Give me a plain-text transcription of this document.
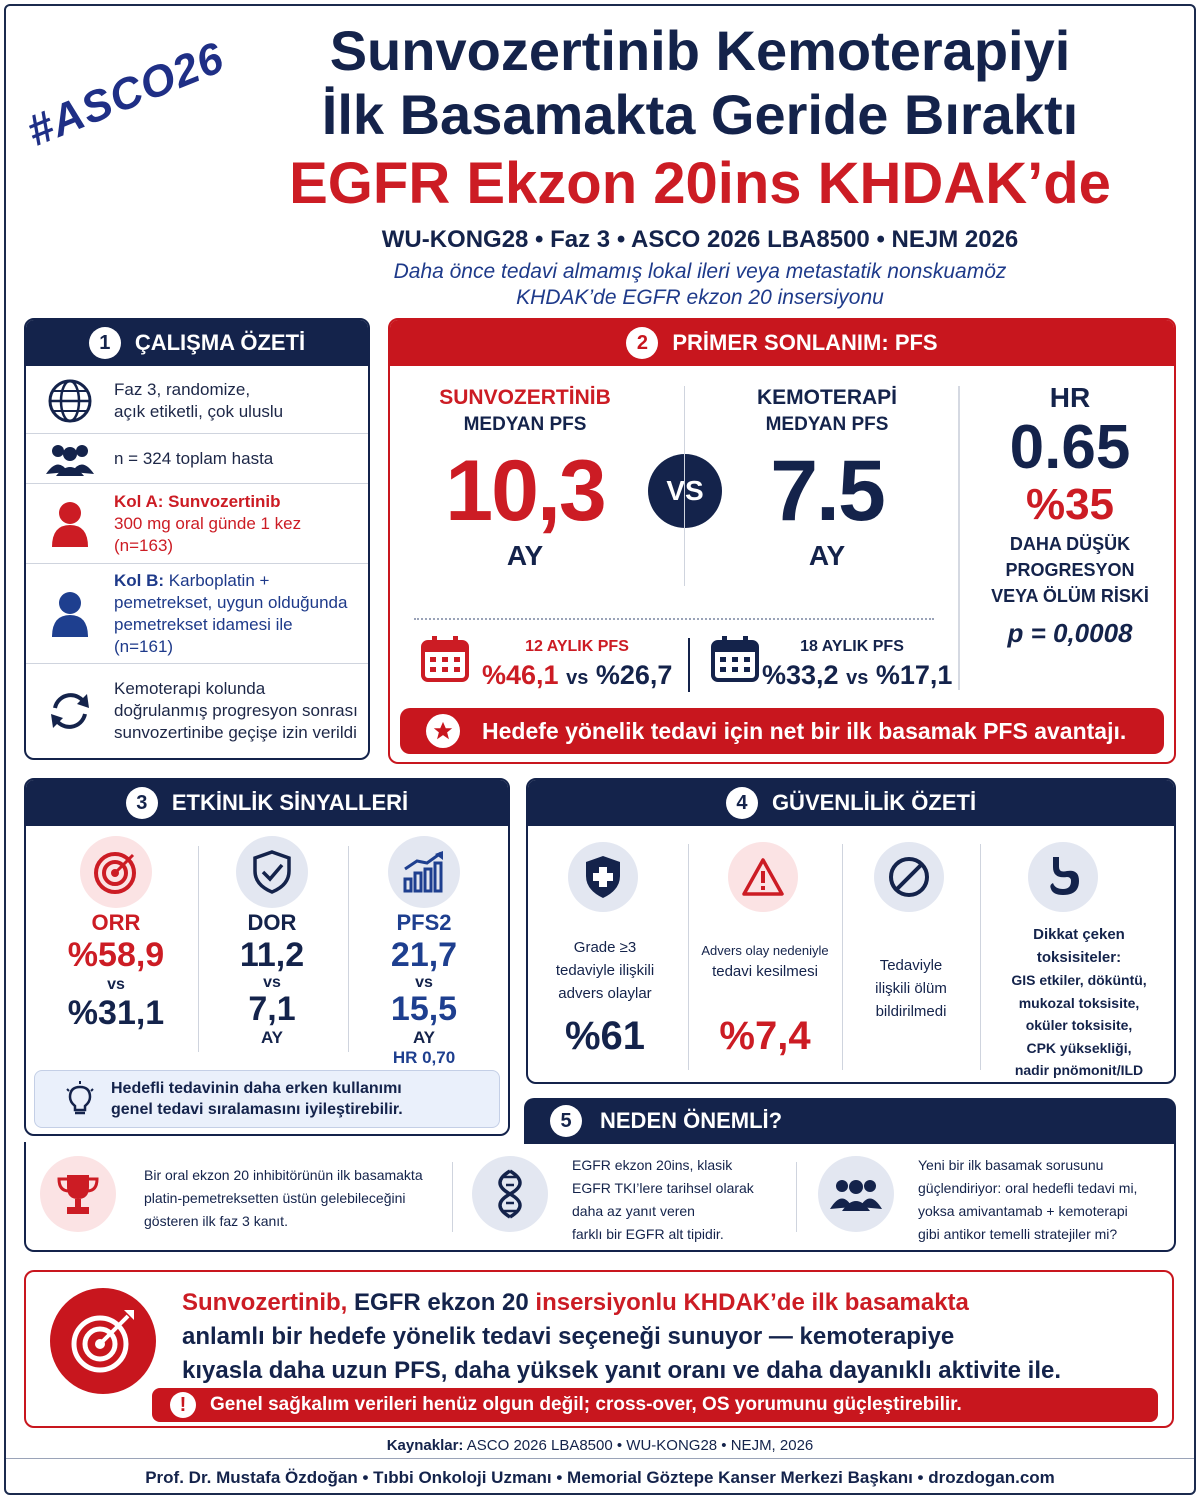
#ASCO26	Sunvozertinib Kemoterapiyi
İlk Basamakta Geride Bıraktı
EGFR Ekzon 20ins KHDAK’de
WU-KONG28 • Faz 3 • ASCO 2026 LBA8500 • NEJM 2026
Daha önce tedavi almamış lokal ileri veya metastatik nonskuamöz
KHDAK’de EGFR ekzon 20 insersiyonu
1	ÇALIŞMA ÖZETİ
Faz 3, randomize,
açık etiketli, çok uluslu
n = 324 toplam hasta
Kol A: Sunvozertinib
300 mg oral günde 1 kez
(n=163)
Kol B: Karboplatin +
pemetrekset, uygun olduğunda
pemetrekset idamesi ile
(n=161)
Kemoterapi kolunda
doğrulanmış progresyon sonrası
sunvozertinibe geçişe izin verildi
2	PRİMER SONLANIM: PFS
SUNVOZERTİNİB
MEDYAN PFS
10,3
AY
VS
KEMOTERAPİ
MEDYAN PFS
7.5
AY
HR
0.65
%35
DAHA DÜŞÜK
PROGRESYON
VEYA ÖLÜM RİSKİ
p = 0,0008
12 AYLIK PFS
%46,1 vs %26,7
18 AYLIK PFS
%33,2 vs %17,1
Hedefe yönelik tedavi için net bir ilk basamak PFS avantajı.
3	ETKİNLİK SİNYALLERİ
ORR
%58,9
vs
%31,1
DOR
11,2
vs
7,1
AY
PFS2
21,7
vs
15,5
AY
HR 0,70
Hedefli tedavinin daha erken kullanımı
genel tedavi sıralamasını iyileştirebilir.
4	GÜVENLİLİK ÖZETİ
Grade ≥3
tedaviyle ilişkili
advers olaylar
%61
Advers olay nedeniyle
tedavi kesilmesi
%7,4
Tedaviyle
ilişkili ölüm
bildirilmedi
Dikkat çeken
toksisiteler:
GIS etkiler, döküntü,
mukozal toksisite,
oküler toksisite,
CPK yüksekliği,
nadir pnömonit/ILD
Bir oral ekzon 20 inhibitörünün ilk basamakta
platin-pemetreksetten üstün gelebileceğini
gösteren ilk faz 3 kanıt.
EGFR ekzon 20ins, klasik
EGFR TKI’lere tarihsel olarak
daha az yanıt veren
farklı bir EGFR alt tipidir.
Yeni bir ilk basamak sorusunu
güçlendiriyor: oral hedefli tedavi mi,
yoksa amivantamab + kemoterapi
gibi antikor temelli stratejiler mi?
5	NEDEN ÖNEMLİ?
Sunvozertinib, EGFR ekzon 20 insersiyonlu KHDAK’de ilk basamakta
anlamlı bir hedefe yönelik tedavi seçeneği sunuyor — kemoterapiye
kıyasla daha uzun PFS, daha yüksek yanıt oranı ve daha dayanıklı aktivite ile.
!	Genel sağkalım verileri henüz olgun değil; cross-over, OS yorumunu güçleştirebilir.
Kaynaklar: ASCO 2026 LBA8500 • WU-KONG28 • NEJM, 2026
Prof. Dr. Mustafa Özdoğan • Tıbbi Onkoloji Uzmanı • Memorial Göztepe Kanser Merkezi Başkanı • drozdogan.com
